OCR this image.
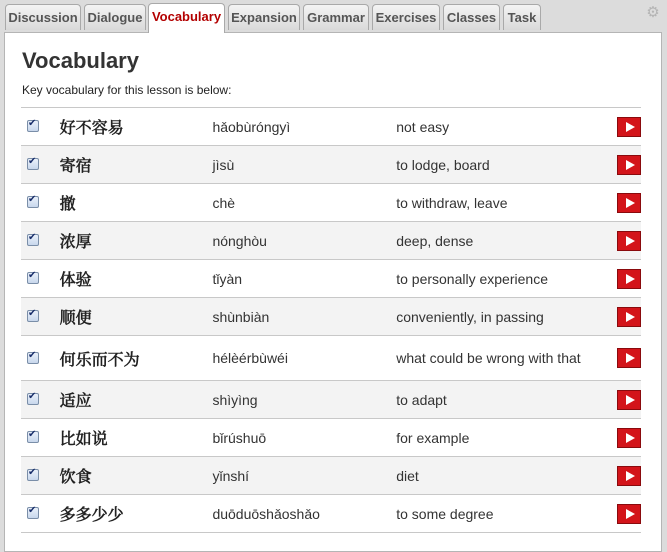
Discussion Dialogue Vocabulary Expansion Grammar Exercises Classes Task	⚙
Vocabulary
Key vocabulary for this lesson is below:
✔	好不容易	hǎobùróngyì	not easy	
✔	寄宿	jìsù	to lodge, board	
✔	撤	chè	to withdraw, leave	
✔	浓厚	nónghòu	deep, dense	
✔	体验	tǐyàn	to personally experience	
✔	顺便	shùnbiàn	conveniently, in passing	
✔	何乐而不为	hélèérbùwéi	what could be wrong with that	
✔	适应	shìyìng	to adapt	
✔	比如说	bǐrúshuō	for example	
✔	饮食	yǐnshí	diet	
✔	多多少少	duōduōshǎoshǎo	to some degree	
